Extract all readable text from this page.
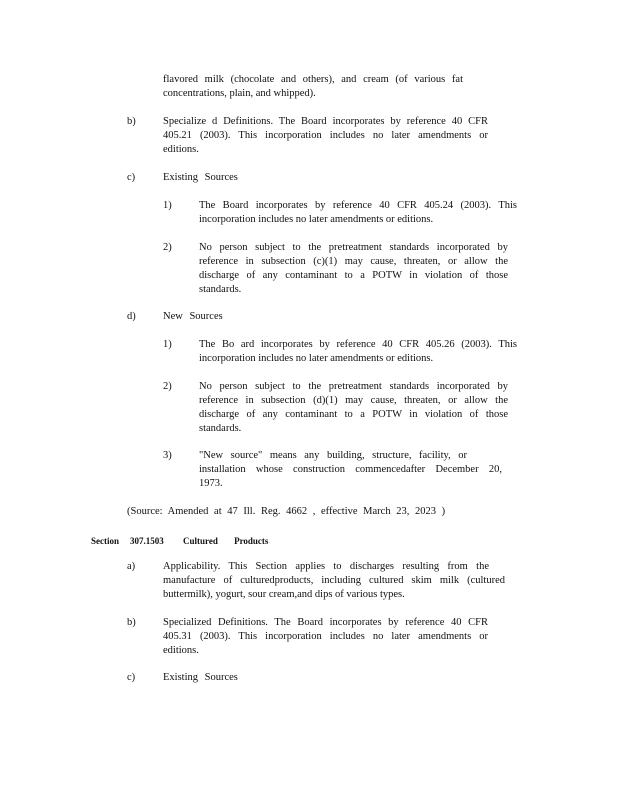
flavored milk (chocolate and others), and cream (of various fat
concentrations, plain, and whipped).
b)	Specialize d Definitions. The Board incorporates by reference 40 CFR
405.21 (2003). This incorporation includes no later amendments or
editions.
c)	Existing Sources
1)	The Board incorporates by reference 40 CFR 405.24 (2003). This
incorporation includes no later amendments or editions.
2)	No person subject to the pretreatment standards incorporated by
reference in subsection (c)(1) may cause, threaten, or allow the
discharge of any contaminant to a POTW in violation of those
standards.
d)	New Sources
1)	The Bo ard incorporates by reference 40 CFR 405.26 (2003). This
incorporation includes no later amendments or editions.
2)	No person subject to the pretreatment standards incorporated by
reference in subsection (d)(1) may cause, threaten, or allow the
discharge of any contaminant to a POTW in violation of those
standards.
3)	"New source" means any building, structure, facility, or
installation whose construction commencedafter December 20,
1973.
(Source: Amended at 47 Ill. Reg. 4662 , effective March 23, 2023 )
Section 307.1503 Cultured Products
a)	Applicability. This Section applies to discharges resulting from the
manufacture of culturedproducts, including cultured skim milk (cultured
buttermilk), yogurt, sour cream,and dips of various types.
b)	Specialized Definitions. The Board incorporates by reference 40 CFR
405.31 (2003). This incorporation includes no later amendments or
editions.
c)	Existing Sources
